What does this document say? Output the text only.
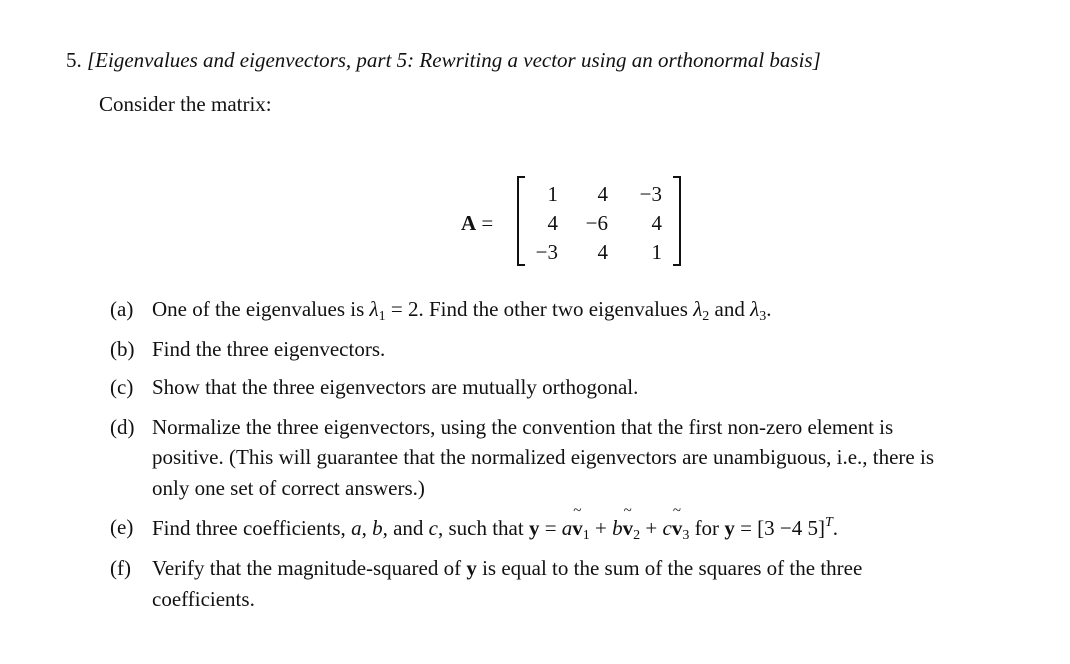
5. [Eigenvalues and eigenvectors, part 5: Rewriting a vector using an orthonormal basis]
Consider the matrix:
A =
1	4	−3
4	−6	4
−3	4	1
(a) One of the eigenvalues is $\lambda_1 = 2$. Find the other two eigenvalues $\lambda_2$ and $\lambda_3$.
(b) Find the three eigenvectors.
(c) Show that the three eigenvectors are mutually orthogonal.
(d) Normalize the three eigenvectors, using the convention that the first non-zero element is
positive. (This will guarantee that the normalized eigenvectors are unambiguous, i.e., there is
only one set of correct answers.)
(e) Find three coefficients, a, b, and c, such that y = av $\sim_1$ + bv $\sim_2$ + cv $\sim_3$ for y = [3 −4 5]$^T$.
(f) Verify that the magnitude-squared of y is equal to the sum of the squares of the three
coefficients.
